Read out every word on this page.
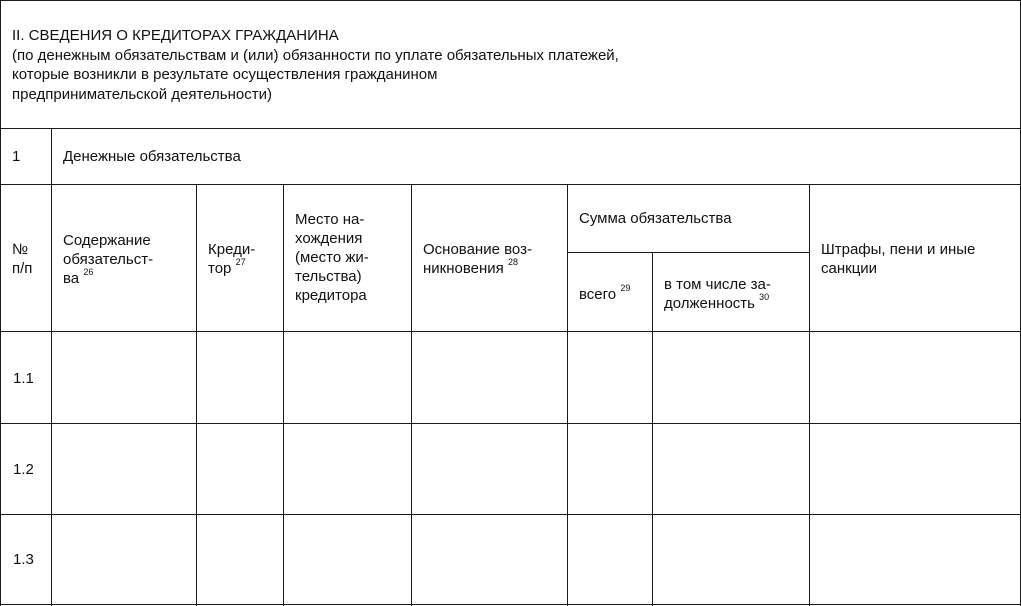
II. СВЕДЕНИЯ О КРЕДИТОРАХ ГРАЖДАНИНА
(по денежным обязательствам и (или) обязанности по уплате обязательных платежей,
которые возникли в результате осуществления гражданином
предпринимательской деятельности)
1	Денежные обязательства
№
п/п
Содержание
обязательст-
ва $^{26}$
Креди-
тор $^{27}$
Место на-
хождения
(место жи-
тельства)
кредитора
Основание воз-
никновения $^{28}$
Сумма обязательства
всего $^{29}$ в том числе за-
долженность $^{30}$
Штрафы, пени и иные
санкции
1.1
1.2
1.3
